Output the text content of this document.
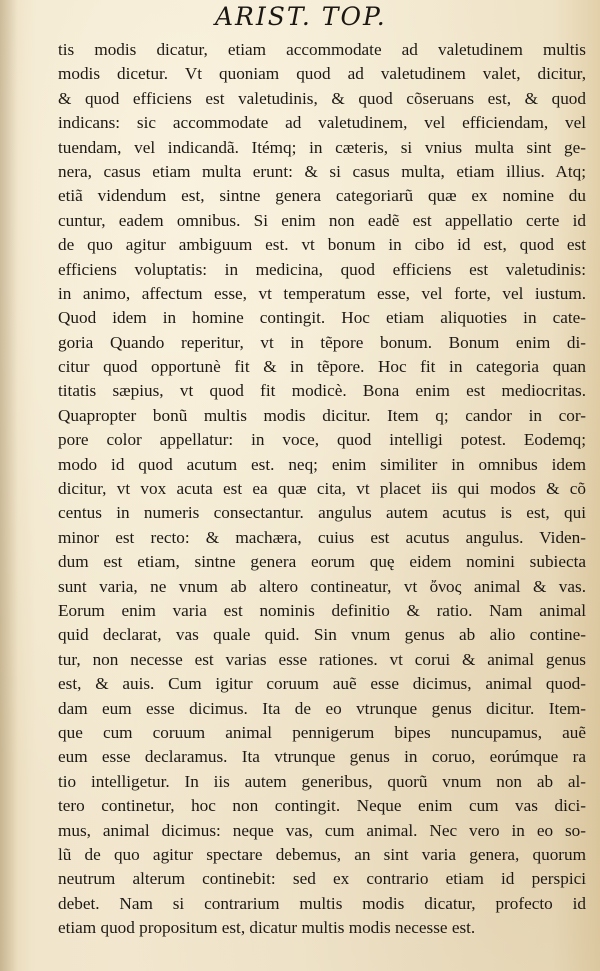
ARIST. TOP.
tis modis dicatur, etiam accommodate ad valetudinem multis
modis dicetur. Vt quoniam quod ad valetudinem valet, dicitur,
& quod efficiens est valetudinis, & quod cõseruans est, & quod
indicans: sic accommodate ad valetudinem, vel efficiendam, vel
tuendam, vel indicandã. Itémq; in cæteris, si vnius multa sint ge-
nera, casus etiam multa erunt: & si casus multa, etiam illius. Atq;
etiã videndum est, sintne genera categoriarũ quæ ex nomine du
cuntur, eadem omnibus. Si enim non eadẽ est appellatio certe id
de quo agitur ambiguum est. vt bonum in cibo id est, quod est
efficiens voluptatis: in medicina, quod efficiens est valetudinis:
in animo, affectum esse, vt temperatum esse, vel forte, vel iustum.
Quod idem in homine contingit. Hoc etiam aliquoties in cate-
goria Quando reperitur, vt in tẽpore bonum. Bonum enim di-
citur quod opportunè fit & in tẽpore. Hoc fit in categoria quan
titatis sæpius, vt quod fit modicè. Bona enim est mediocritas.
Quapropter bonũ multis modis dicitur. Item q; candor in cor-
pore color appellatur: in voce, quod intelligi potest. Eodemq;
modo id quod acutum est. neq; enim similiter in omnibus idem
dicitur, vt vox acuta est ea quæ cita, vt placet iis qui modos & cõ
centus in numeris consectantur. angulus autem acutus is est, qui
minor est recto: & machæra, cuius est acutus angulus. Viden-
dum est etiam, sintne genera eorum quę eidem nomini subiecta
sunt varia, ne vnum ab altero contineatur, vt ὄνος animal & vas.
Eorum enim varia est nominis definitio & ratio. Nam animal
quid declarat, vas quale quid. Sin vnum genus ab alio contine-
tur, non necesse est varias esse rationes. vt corui & animal genus
est, & auis. Cum igitur coruum auẽ esse dicimus, animal quod-
dam eum esse dicimus. Ita de eo vtrunque genus dicitur. Item-
que cum coruum animal pennigerum bipes nuncupamus, auẽ
eum esse declaramus. Ita vtrunque genus in coruo, eorúmque ra
tio intelligetur. In iis autem generibus, quorũ vnum non ab al-
tero continetur, hoc non contingit. Neque enim cum vas dici-
mus, animal dicimus: neque vas, cum animal. Nec vero in eo so-
lũ de quo agitur spectare debemus, an sint varia genera, quorum
neutrum alterum continebit: sed ex contrario etiam id perspici
debet. Nam si contrarium multis modis dicatur, profecto id
etiam quod propositum est, dicatur multis modis necesse est.
